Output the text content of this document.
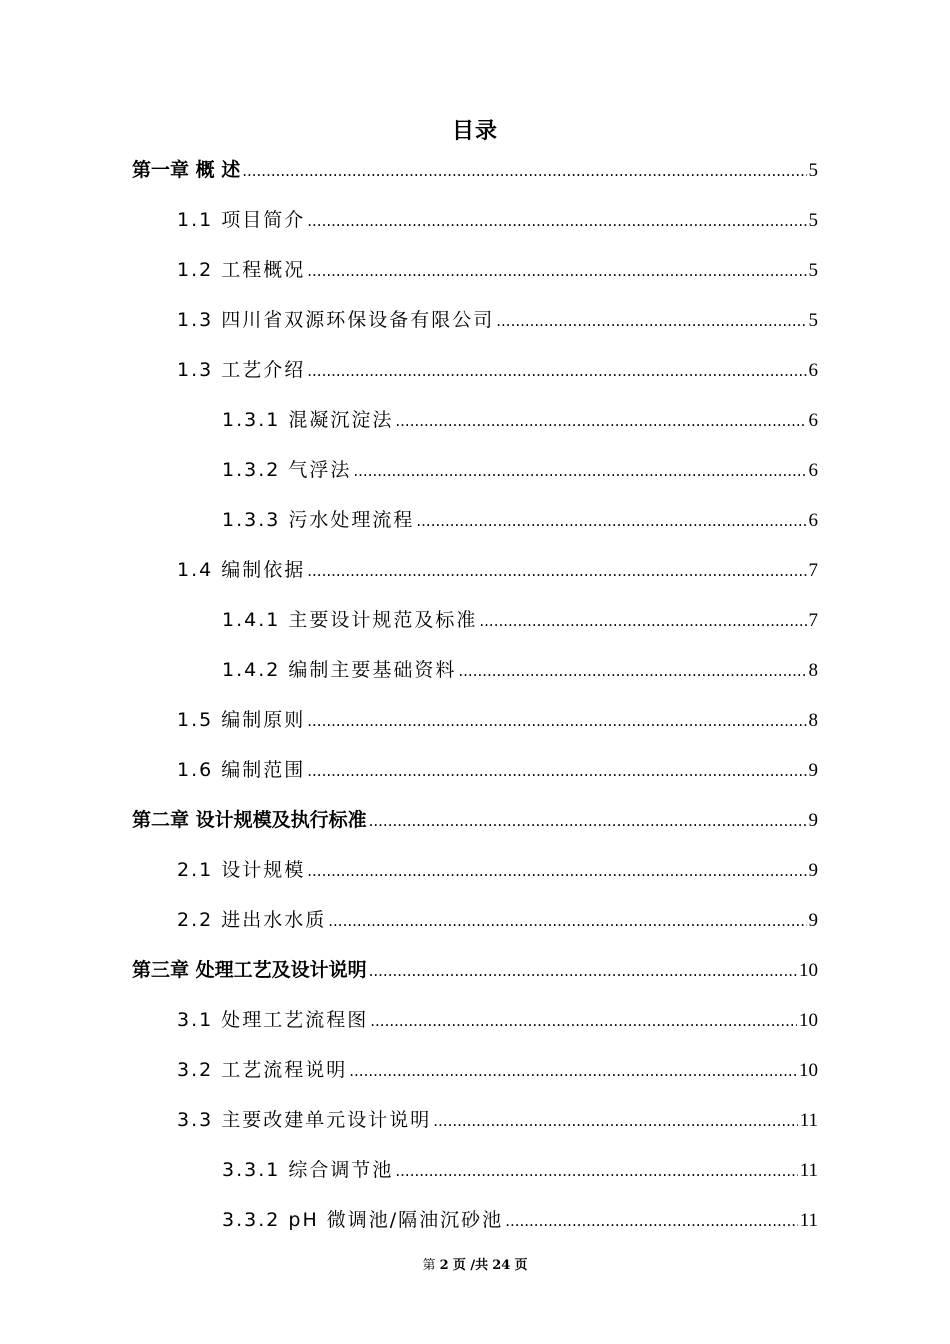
目录
第一章 概 述 .....	5
1.1 项目简介 .....	5
1.2 工程概况 .....	5
1.3 四川省双源环保设备有限公司 .....	5
1.3 工艺介绍 .....	6
1.3.1 混凝沉淀法 .....	6
1.3.2 气浮法 .....	6
1.3.3 污水处理流程 .....	6
1.4 编制依据 .....	7
1.4.1 主要设计规范及标准 .....	7
1.4.2 编制主要基础资料 .....	8
1.5 编制原则 .....	8
1.6 编制范围 .....	9
第二章 设计规模及执行标准 .....	9
2.1 设计规模 .....	9
2.2 进出水水质 .....	9
第三章 处理工艺及设计说明 .....	10
3.1 处理工艺流程图 .....	10
3.2 工艺流程说明 .....	10
3.3 主要改建单元设计说明 .....	11
3.3.1 综合调节池 .....	11
3.3.2 pH 微调池/隔油沉砂池 .....	11
第 2 页 /共 24 页
